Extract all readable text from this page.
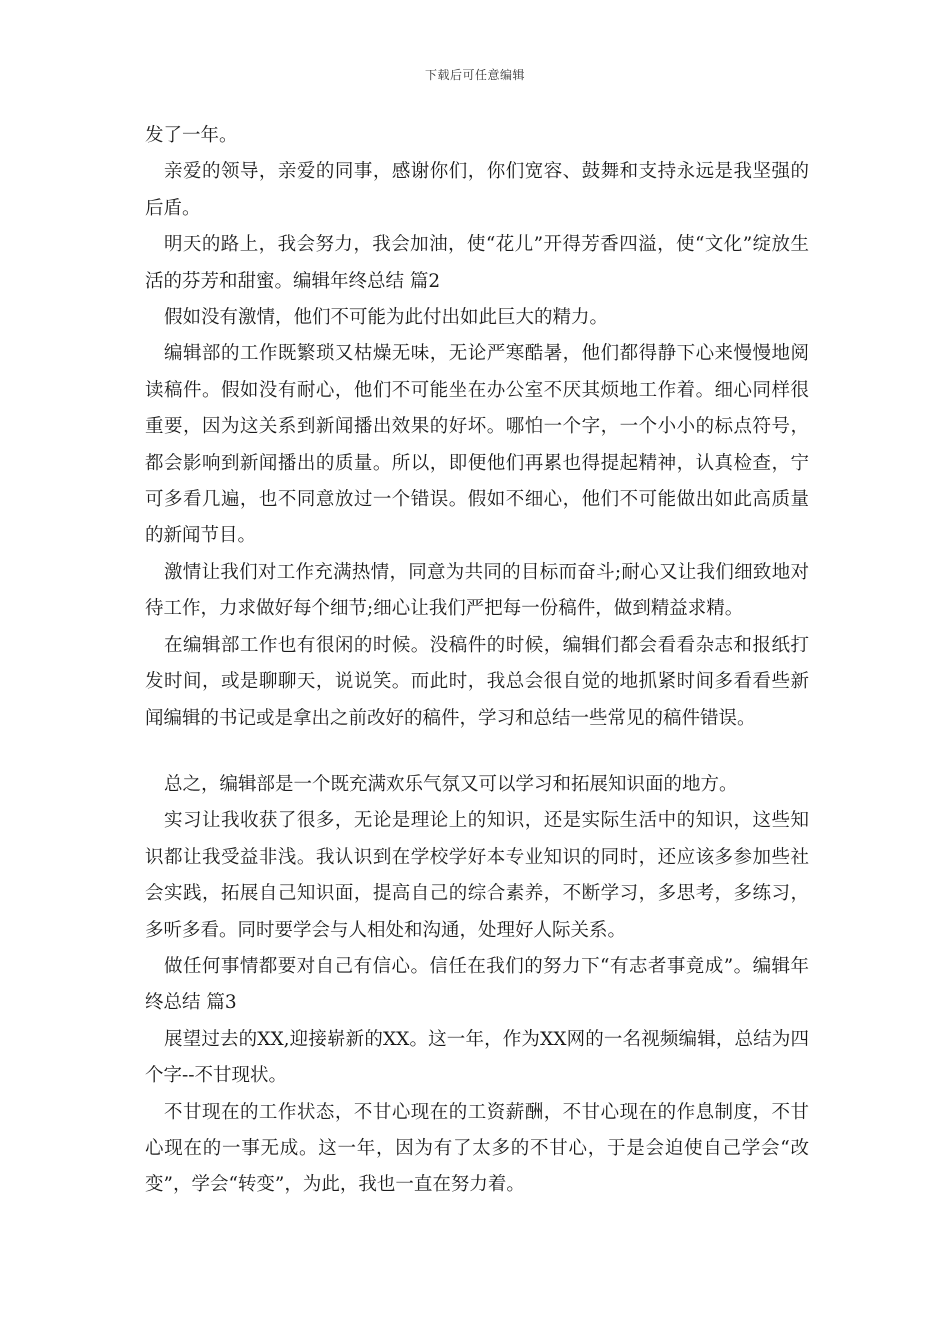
下载后可任意编辑

发了一年。

亲爱的领导，亲爱的同事，感谢你们，你们宽容、鼓舞和支持永远是我坚强的后盾。

明天的路上，我会努力，我会加油，使“花儿”开得芳香四溢，使“文化”绽放生活的芬芳和甜蜜。编辑年终总结 篇2

假如没有激情，他们不可能为此付出如此巨大的精力。

编辑部的工作既繁琐又枯燥无味，无论严寒酷暑，他们都得静下心来慢慢地阅读稿件。假如没有耐心，他们不可能坐在办公室不厌其烦地工作着。细心同样很重要，因为这关系到新闻播出效果的好坏。哪怕一个字，一个小小的标点符号，都会影响到新闻播出的质量。所以，即便他们再累也得提起精神，认真检查，宁可多看几遍，也不同意放过一个错误。假如不细心，他们不可能做出如此高质量的新闻节目。

激情让我们对工作充满热情，同意为共同的目标而奋斗;耐心又让我们细致地对待工作，力求做好每个细节;细心让我们严把每一份稿件，做到精益求精。

在编辑部工作也有很闲的时候。没稿件的时候，编辑们都会看看杂志和报纸打发时间，或是聊聊天，说说笑。而此时，我总会很自觉的地抓紧时间多看看些新闻编辑的书记或是拿出之前改好的稿件，学习和总结一些常见的稿件错误。

总之，编辑部是一个既充满欢乐气氛又可以学习和拓展知识面的地方。

实习让我收获了很多，无论是理论上的知识，还是实际生活中的知识，这些知识都让我受益非浅。我认识到在学校学好本专业知识的同时，还应该多参加些社会实践，拓展自己知识面，提高自己的综合素养，不断学习，多思考，多练习，多听多看。同时要学会与人相处和沟通，处理好人际关系。

做任何事情都要对自己有信心。信任在我们的努力下“有志者事竟成”。编辑年终总结 篇3

展望过去的XX,迎接崭新的XX。这一年，作为XX网的一名视频编辑，总结为四个字--不甘现状。

不甘现在的工作状态，不甘心现在的工资薪酬，不甘心现在的作息制度，不甘心现在的一事无成。这一年，因为有了太多的不甘心，于是会迫使自己学会“改变”，学会“转变”，为此，我也一直在努力着。
